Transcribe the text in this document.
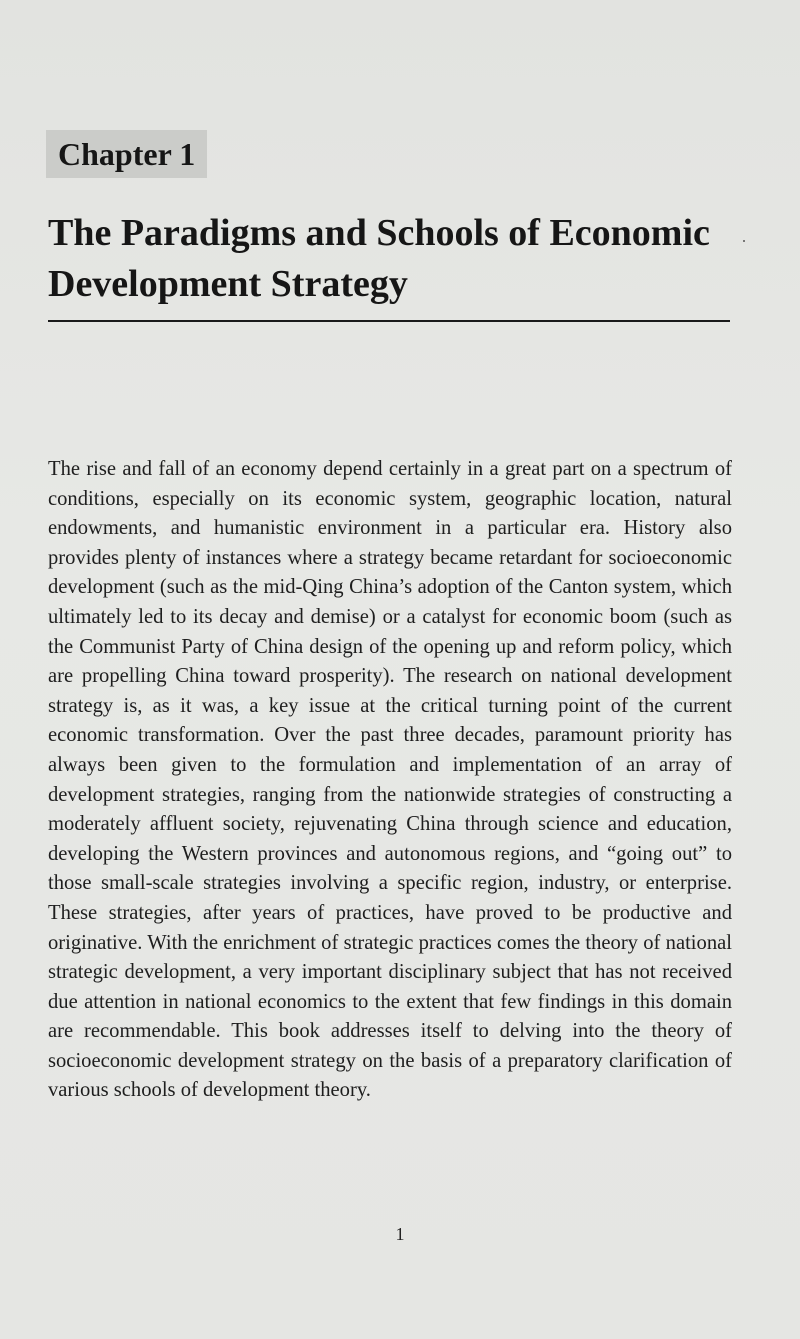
Chapter 1
The Paradigms and Schools of Economic Development Strategy

The rise and fall of an economy depend certainly in a great part on a spectrum of conditions, especially on its economic system, geographic location, natural endowments, and humanistic environment in a particular era. History also provides plenty of instances where a strategy became retardant for socioeconomic development (such as the mid-Qing China’s adoption of the Canton system, which ultimately led to its decay and demise) or a catalyst for economic boom (such as the Communist Party of China design of the opening up and reform policy, which are propelling China toward prosperity). The research on national development strategy is, as it was, a key issue at the critical turning point of the current economic transformation. Over the past three decades, paramount priority has always been given to the formulation and implementation of an array of development strategies, ranging from the nationwide strategies of constructing a moderately affluent society, rejuvenating China through science and education, developing the Western provinces and autonomous regions, and “going out” to those small-scale strategies involving a specific region, industry, or enterprise. These strategies, after years of practices, have proved to be productive and originative. With the enrichment of strategic practices comes the theory of national strategic development, a very important disciplinary subject that has not received due attention in national economics to the extent that few findings in this domain are recommendable. This book addresses itself to delving into the theory of socioeconomic development strategy on the basis of a preparatory clarification of various schools of development theory.

1
